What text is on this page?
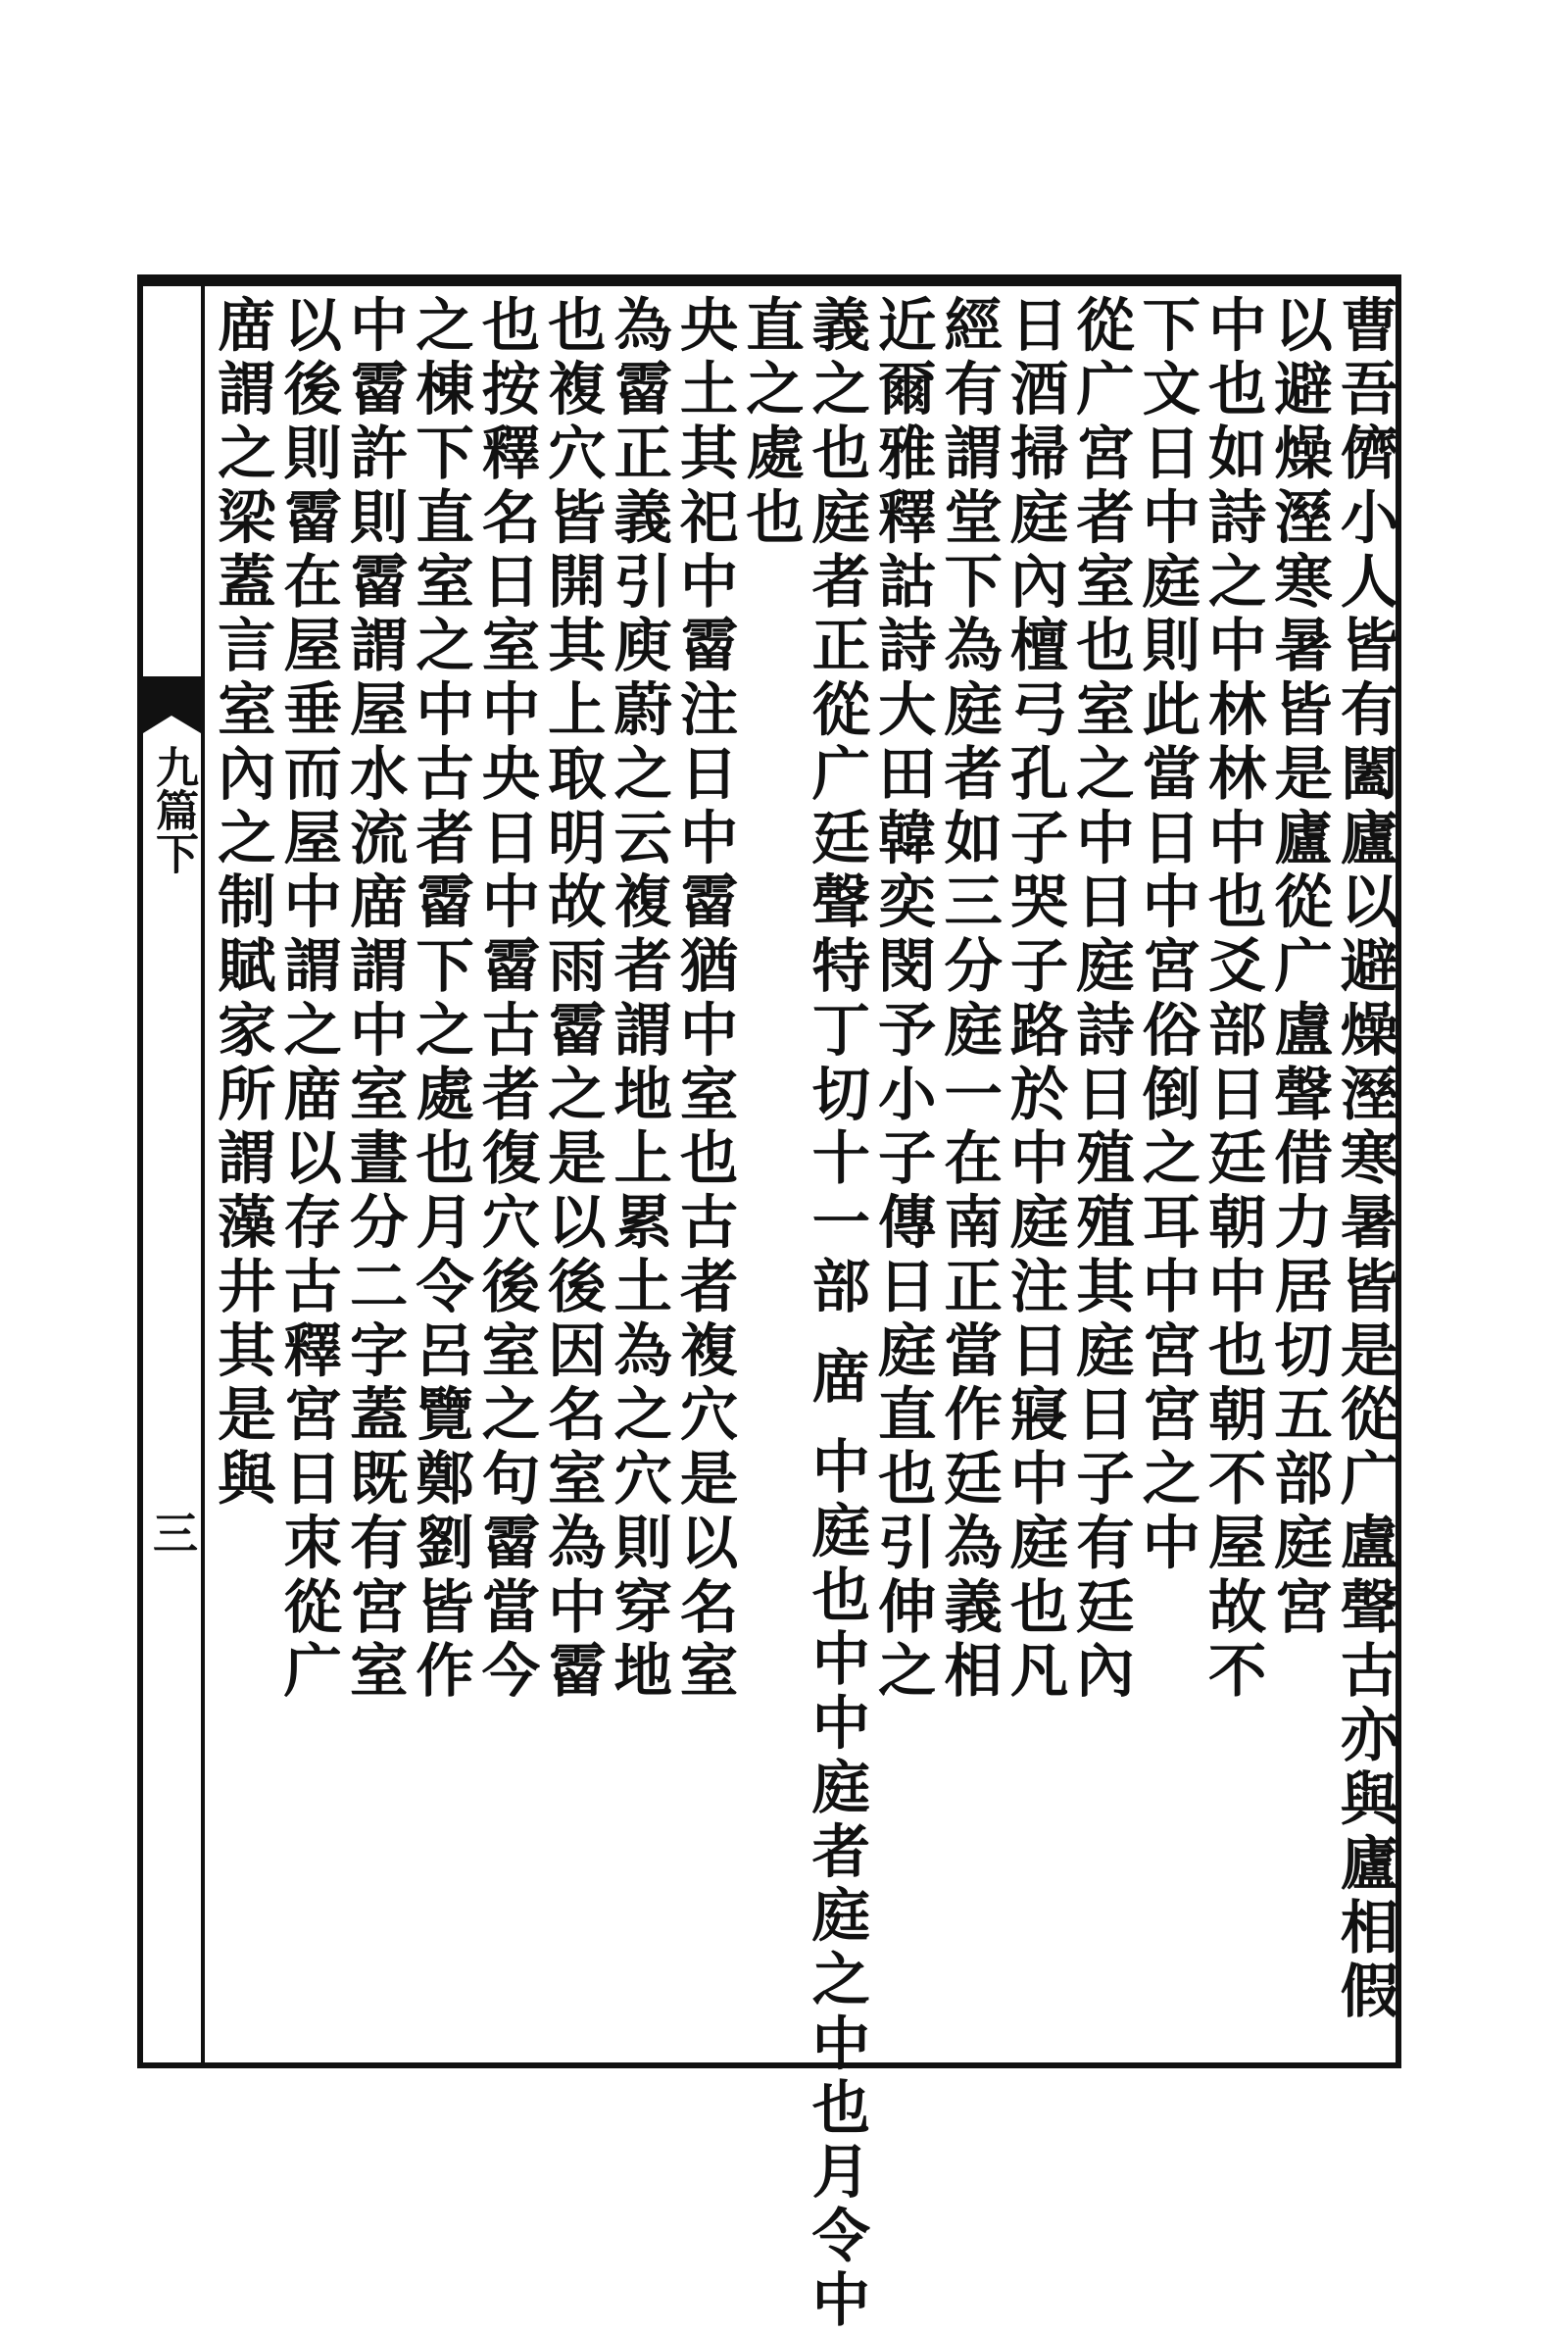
九篇下
三	曹吾儕小人皆有闔廬以避燥溼寒暑皆是從广盧聲古亦與廬相假
以避燥溼寒暑皆是廬從广盧聲借力居切五部庭宮
中也如詩之中林林中也爻部日廷朝中也朝不屋故不
下文日中庭則此當日中宮俗倒之耳中宮宮之中
從广宮者室也室之中日庭詩日殖殖其庭日子有廷內
日酒掃庭內檀弓孔子哭子路於中庭注日寢中庭也凡
經有謂堂下為庭者如三分庭一在南正當作廷為義相
近爾雅釋詁詩大田韓奕閔予小子傳日庭直也引伸之
義之也庭者正從广廷聲特丁切十一部 庿 中庭也中中庭者庭之中也月令中
直之處也
央土其祀中霤注日中霤猶中室也古者複穴是以名室
為霤正義引庾蔚之云複者謂地上累土為之穴則穿地
也複穴皆開其上取明故雨霤之是以後因名室為中霤
也按釋名日室中央日中霤古者復穴後室之句霤當今
之棟下直室之中古者霤下之處也月令呂覽鄭劉皆作
中霤許則霤謂屋水流庿謂中室晝分二字蓋既有宮室
以後則霤在屋垂而屋中謂之庿以存古釋宮日朿從广
庿謂之梁蓋言室內之制賦家所謂藻井其是與
